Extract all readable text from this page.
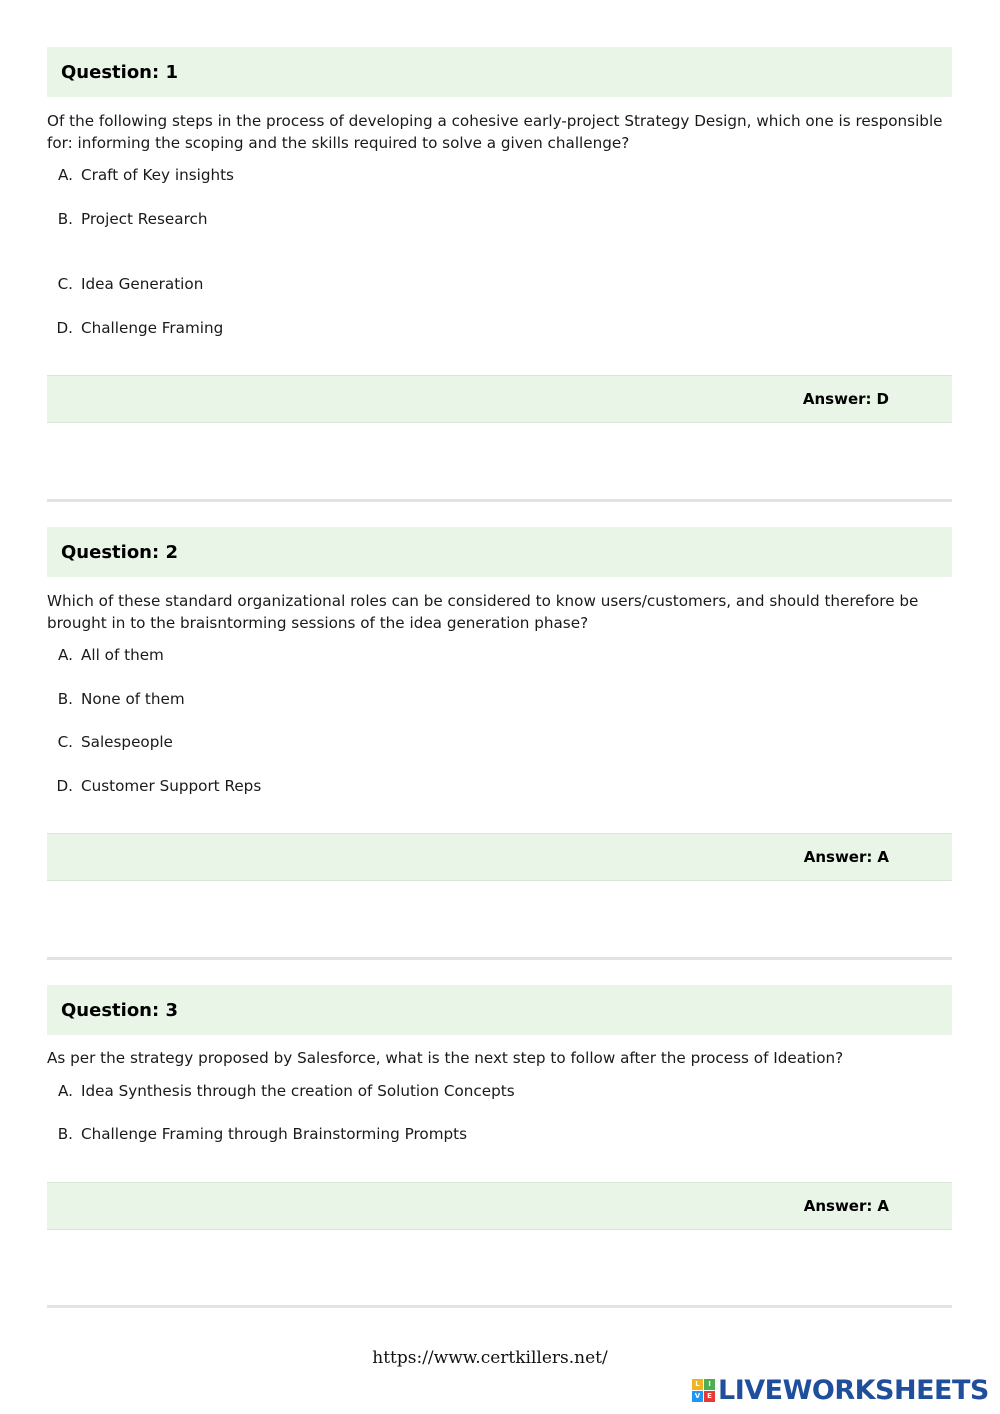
Question:
1
Of the following steps in the process of developing a cohesive early-project Strategy Design, which one is responsible for: informing the scoping and the skills required to solve a given challenge?
A. Craft of Key insights
B. Project Research
C. Idea Generation
D. Challenge Framing
Answer: D
Question:
2
Which of these standard organizational roles can be considered to know users/customers, and should therefore be brought in to the braisntorming sessions of the idea generation phase?
A. All of them
B. None of them
C. Salespeople
D. Customer Support Reps
Answer: A
Question:
3
As per the strategy proposed by Salesforce, what is the next step to follow after the process of Ideation?
A. Idea Synthesis through the creation of Solution Concepts
B. Challenge Framing through Brainstorming Prompts
Answer: A
https://www.certkillers.net/
L	I
V E LIVEWORKSHEETS
